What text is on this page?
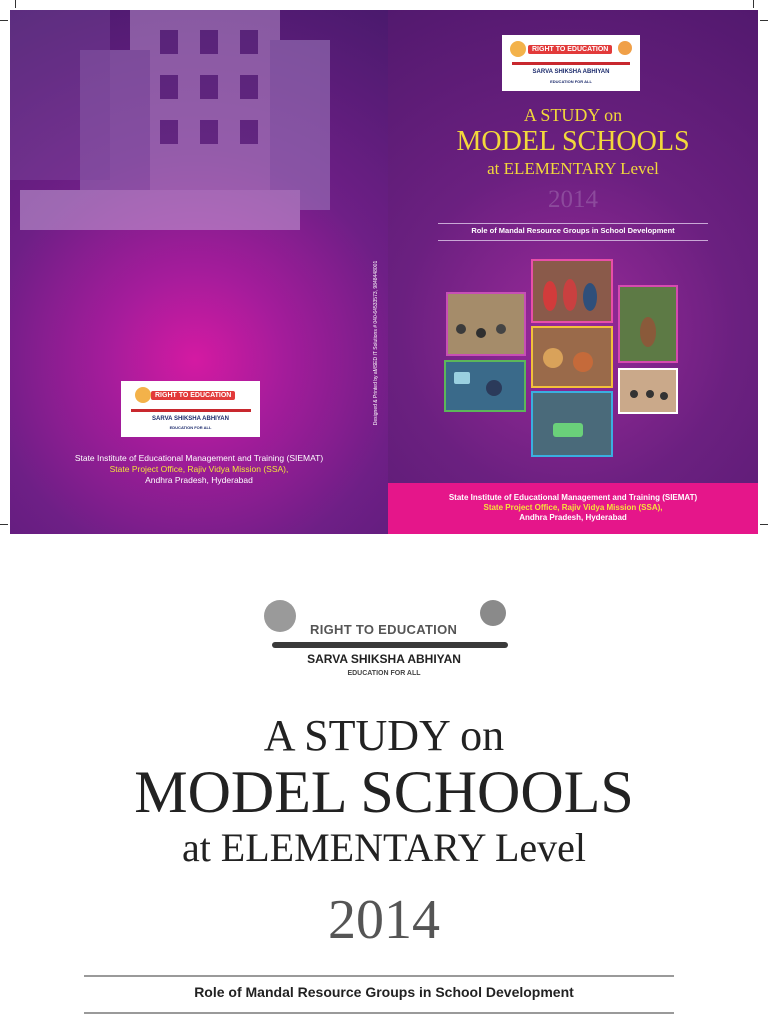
RIGHT TO EDUCATION
SARVA SHIKSHA ABHIYAN
EDUCATION FOR ALL
State Institute of Educational Management and Training (SIEMAT)
State Project Office, Rajiv Vidya Mission (SSA),
Andhra Pradesh, Hyderabad
Designed & Printed by aMSED IT Solutions # 040-64533573, 9848448001
RIGHT TO EDUCATION
SARVA SHIKSHA ABHIYAN
EDUCATION FOR ALL
A STUDY on
MODEL SCHOOLS
at ELEMENTARY Level
2014
Role of Mandal Resource Groups in School Development
State Institute of Educational Management and Training (SIEMAT)
State Project Office, Rajiv Vidya Mission (SSA),
Andhra Pradesh, Hyderabad
RIGHT TO EDUCATION
SARVA SHIKSHA ABHIYAN
EDUCATION FOR ALL
A STUDY on
MODEL SCHOOLS
at ELEMENTARY Level
2014
Role of Mandal Resource Groups in School Development
